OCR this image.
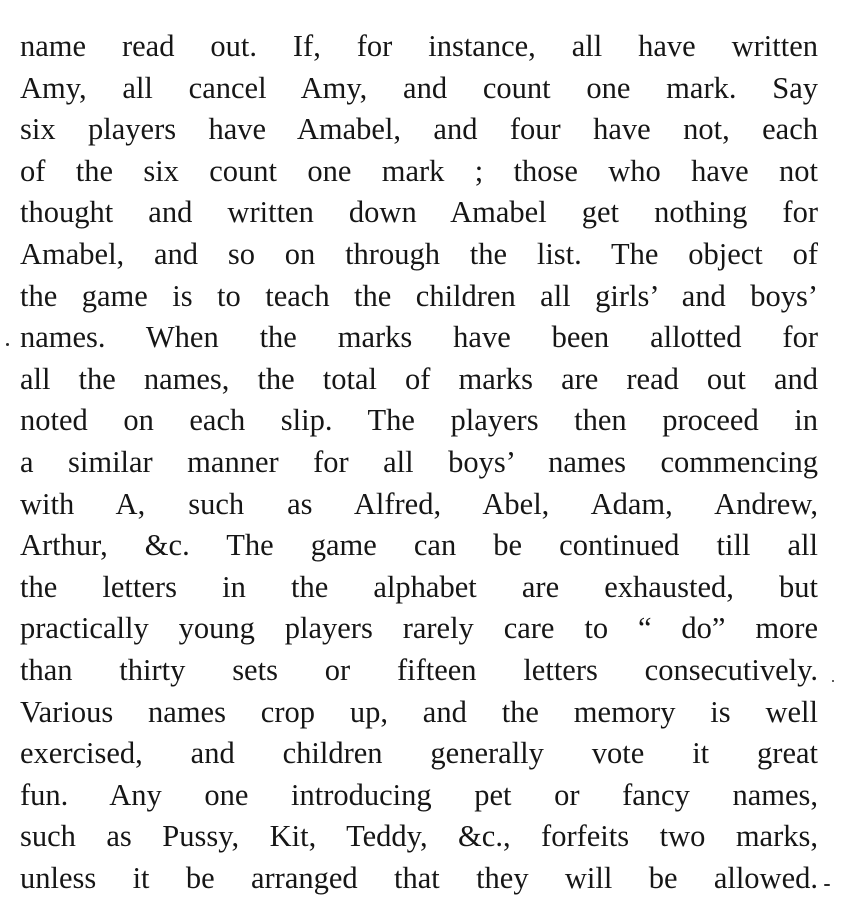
name read out. If, for instance, all have written
Amy, all cancel Amy, and count one mark. Say
six players have Amabel, and four have not, each
of the six count one mark ; those who have not
thought and written down Amabel get nothing for
Amabel, and so on through the list. The object of
the game is to teach the children all girls’ and boys’
names. When the marks have been allotted for
all the names, the total of marks are read out and
noted on each slip. The players then proceed in
a similar manner for all boys’ names commencing
with A, such as Alfred, Abel, Adam, Andrew,
Arthur, &c. The game can be continued till all
the letters in the alphabet are exhausted, but
practically young players rarely care to “ do” more
than thirty sets or fifteen letters consecutively.
Various names crop up, and the memory is well
exercised, and children generally vote it great
fun. Any one introducing pet or fancy names,
such as Pussy, Kit, Teddy, &c., forfeits two marks,
unless it be arranged that they will be allowed.
